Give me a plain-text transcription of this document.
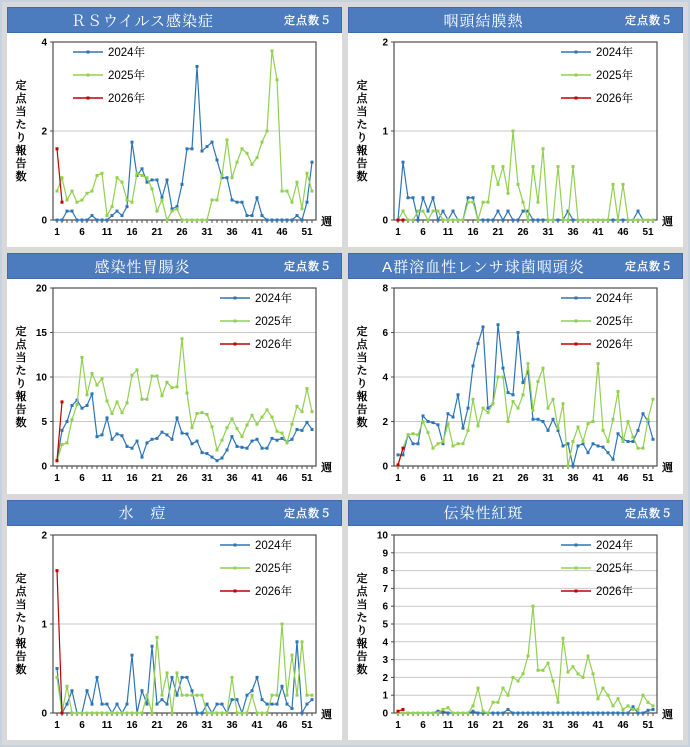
ＲＳウイルス感染症	定点数５
0
2
4
1 6 11 16 21 26 31 36 41 46 51
週
定点当たり報告数
2024年
2025年
2026年
咽頭結膜熱	定点数５
0
1
2
1 6 11 16 21 26 31 36 41 46 51
週
定点当たり報告数
2024年
2025年
2026年
感染性胃腸炎	定点数５
0
5
10
15
20
1 6 11 16 21 26 31 36 41 46 51
週
定点当たり報告数
2024年
2025年
2026年
A群溶血性レンサ球菌咽頭炎	定点数５
0
2
4
6
8
1 6 11 16 21 26 31 36 41 46 51
週
定点当たり報告数
2024年
2025年
2026年
水　痘	定点数５
0
1
2
1 6 11 16 21 26 31 36 41 46 51
週
定点当たり報告数
2024年
2025年
2026年
伝染性紅斑	定点数５
0
1
2
3
4
5
6
7
8
9
10
1 6 11 16 21 26 31 36 41 46 51
週
定点当たり報告数
2024年
2025年
2026年
